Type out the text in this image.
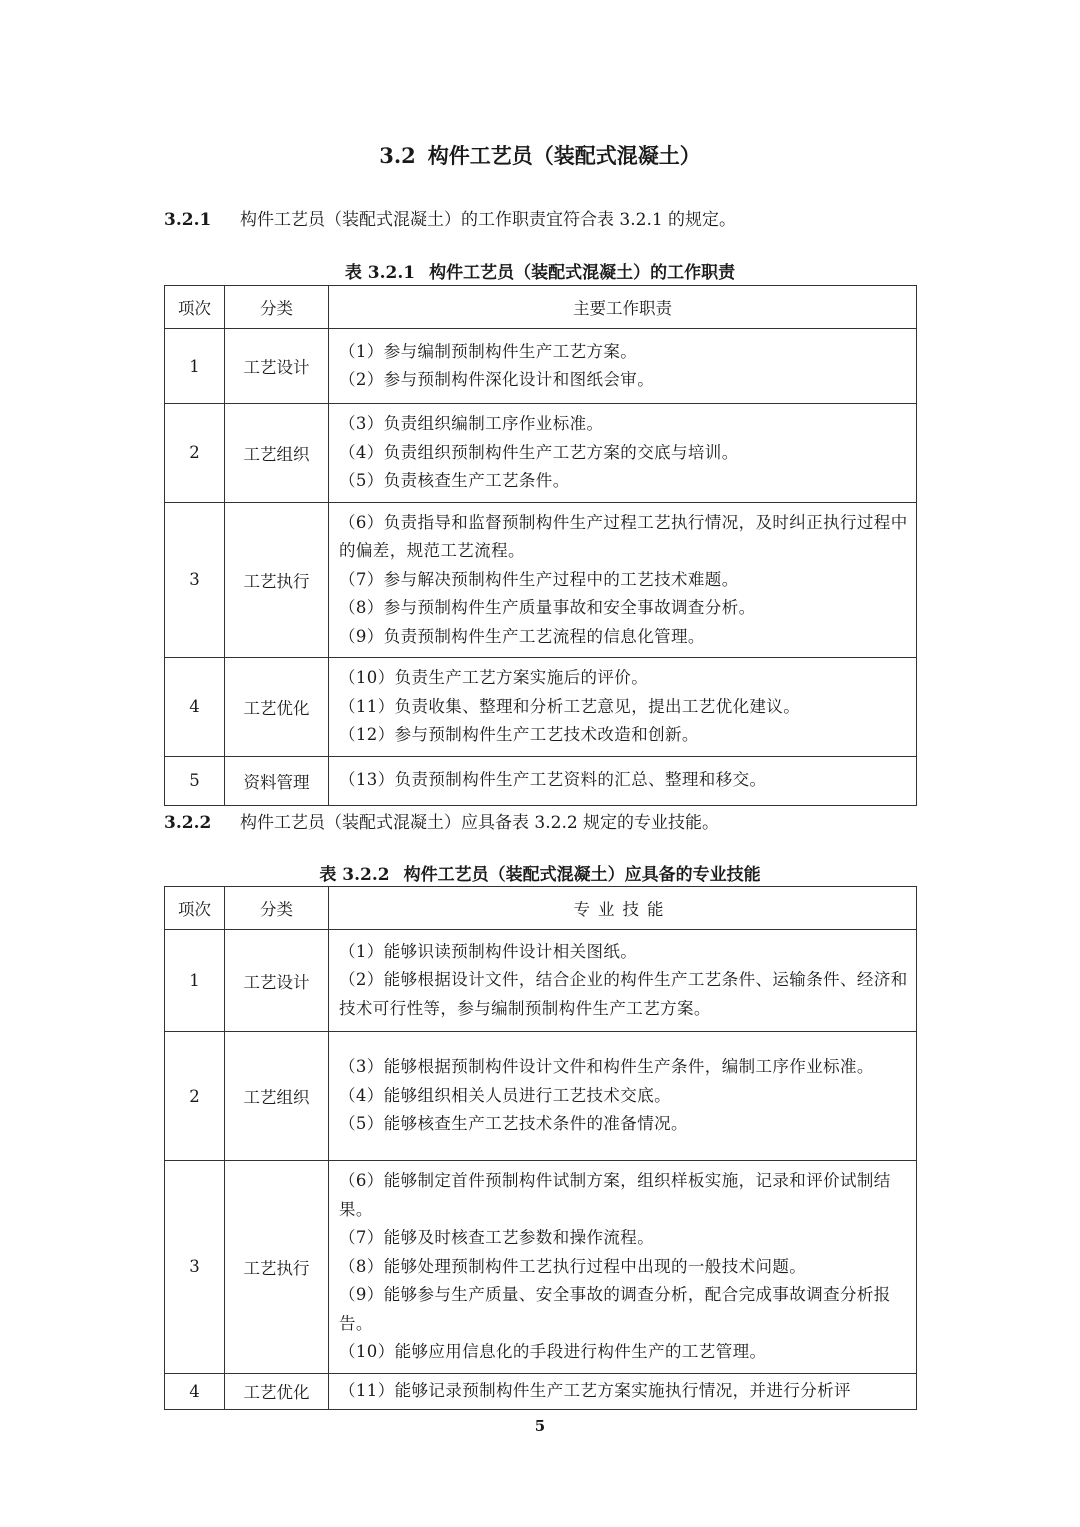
3.2 构件工艺员（装配式混凝土）
3.2.1 构件工艺员（装配式混凝土）的工作职责宜符合表 3.2.1 的规定。
表 3.2.1 构件工艺员（装配式混凝土）的工作职责
项次	分类	主要工作职责
1	工艺设计	（1）参与编制预制构件生产工艺方案。
（2）参与预制构件深化设计和图纸会审。

2	工艺组织	（3）负责组织编制工序作业标准。
（4）负责组织预制构件生产工艺方案的交底与培训。
（5）负责核查生产工艺条件。

3	工艺执行	（6）负责指导和监督预制构件生产过程工艺执行情况，及时纠正执行过程中的偏差，规范工艺流程。
（7）参与解决预制构件生产过程中的工艺技术难题。
（8）参与预制构件生产质量事故和安全事故调查分析。
（9）负责预制构件生产工艺流程的信息化管理。

4	工艺优化	（10）负责生产工艺方案实施后的评价。
（11）负责收集、整理和分析工艺意见，提出工艺优化建议。
（12）参与预制构件生产工艺技术改造和创新。

5	资料管理	（13）负责预制构件生产工艺资料的汇总、整理和移交。
3.2.2 构件工艺员（装配式混凝土）应具备表 3.2.2 规定的专业技能。
表 3.2.2 构件工艺员（装配式混凝土）应具备的专业技能
项次	分类	专业技能
1	工艺设计	（1）能够识读预制构件设计相关图纸。
（2）能够根据设计文件，结合企业的构件生产工艺条件、运输条件、经济和技术可行性等，参与编制预制构件生产工艺方案。

2	工艺组织	（3）能够根据预制构件设计文件和构件生产条件，编制工序作业标准。
（4）能够组织相关人员进行工艺技术交底。
（5）能够核查生产工艺技术条件的准备情况。

3	工艺执行	（6）能够制定首件预制构件试制方案，组织样板实施，记录和评价试制结果。
（7）能够及时核查工艺参数和操作流程。
（8）能够处理预制构件工艺执行过程中出现的一般技术问题。
（9）能够参与生产质量、安全事故的调查分析，配合完成事故调查分析报告。
（10）能够应用信息化的手段进行构件生产的工艺管理。

4	工艺优化	（11）能够记录预制构件生产工艺方案实施执行情况，并进行分析评
5
